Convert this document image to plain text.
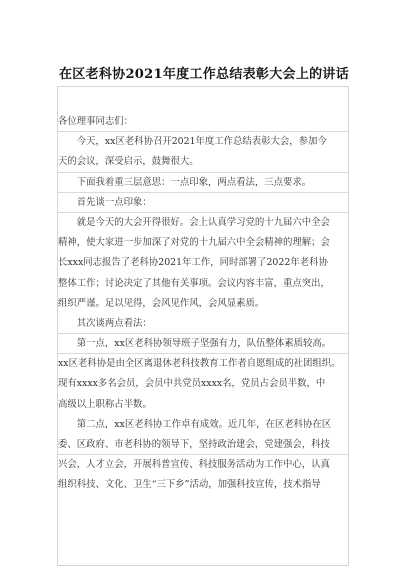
在区老科协2021年度工作总结表彰大会上的讲话
各位理事同志们：
　　今天，xx区老科协召开2021年度工作总结表彰大会，参加今
天的会议，深受启示，鼓舞很大。
　　下面我着重三层意思：一点印象，两点看法，三点要求。
　　首先谈一点印象：
　　就是今天的大会开得很好。会上认真学习党的十九届六中全会
精神，使大家进一步加深了对党的十九届六中全会精神的理解；会
长xxx同志报告了老科协2021年工作，同时部署了2022年老科协
整体工作；讨论决定了其他有关事项。会议内容丰富，重点突出，
组织严谨。足以见得，会风见作风，会风显素质。
　　其次谈两点看法：
　　第一点，xx区老科协领导班子坚强有力，队伍整体素质较高。
xx区老科协是由全区离退休老科技教育工作者自愿组成的社团组织。
现有xxxx多名会员，会员中共党员xxxx名，党员占会员半数，中
高级以上职称占半数。
　　第二点，xx区老科协工作卓有成效。近几年，在区老科协在区
委、区政府、市老科协的领导下，坚持政治建会，党建强会，科技
兴会，人才立会，开展科普宣传、科技服务活动为工作中心，认真
组织科技、文化、卫生“三下乡”活动，加强科技宣传，技术指导
